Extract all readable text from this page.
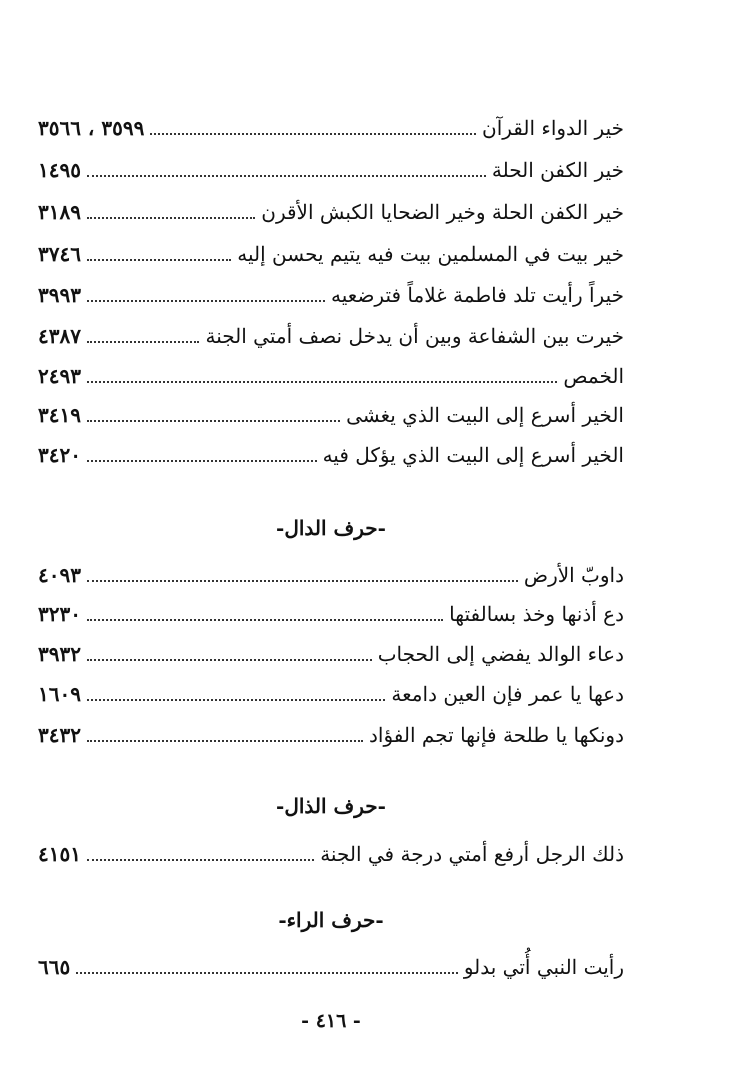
خير الدواء القرآن
٣٥٩٩ ، ٣٥٦٦
خير الكفن الحلة
١٤٩٥
خير الكفن الحلة وخير الضحايا الكبش الأقرن
٣١٨٩
خير بيت في المسلمين بيت فيه يتيم يحسن إليه
٣٧٤٦
خيراً رأيت تلد فاطمة غلاماً فترضعيه
٣٩٩٣
خيرت بين الشفاعة وبين أن يدخل نصف أمتي الجنة
٤٣٨٧
الخمص
٢٤٩٣
الخير أسرع إلى البيت الذي يغشى
٣٤١٩
الخير أسرع إلى البيت الذي يؤكل فيه
٣٤٢٠
-حرف الدال-
داوبّ الأرض
٤٠٩٣
دع أذنها وخذ بسالفتها
٣٢٣٠
دعاء الوالد يفضي إلى الحجاب
٣٩٣٢
دعها يا عمر فإن العين دامعة
١٦٠٩
دونكها يا طلحة فإنها تجم الفؤاد
٣٤٣٢
-حرف الذال-
ذلك الرجل أرفع أمتي درجة في الجنة
٤١٥١
-حرف الراء-
رأيت النبي أُتي بدلو
٦٦٥
- ٤١٦ -
